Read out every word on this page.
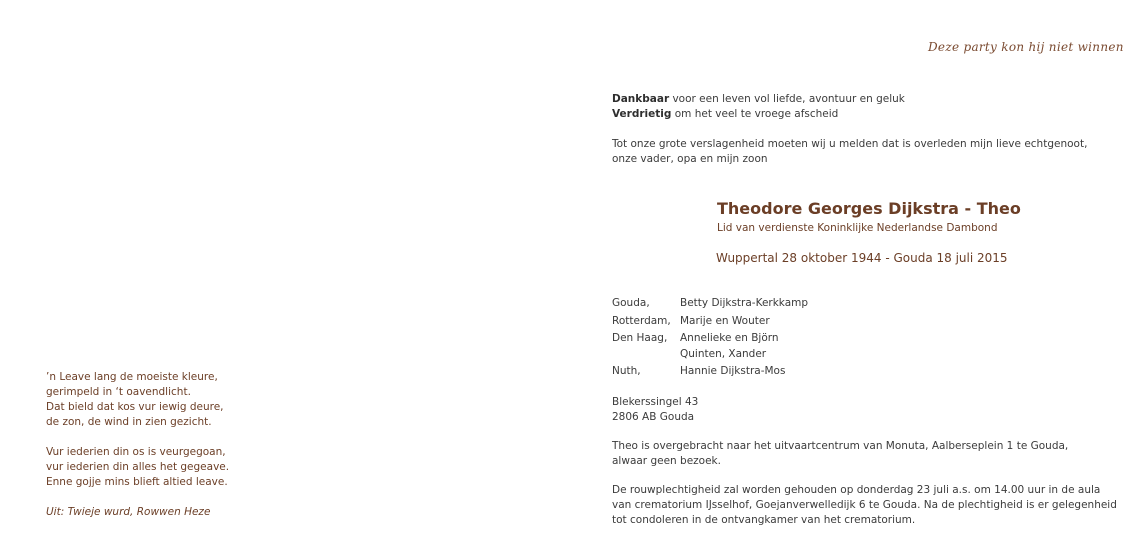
Deze party kon hij niet winnen

’n Leave lang de moeiste kleure,

gerimpeld in ‘t oavendlicht.

Dat bield dat kos vur iewig deure,

de zon, de wind in zien gezicht.

Vur iederien din os is veurgegoan,

vur iederien din alles het gegeave.

Enne gojje mins blieft altied leave.

Uit: Twieje wurd, Rowwen Heze

Dankbaar voor een leven vol liefde, avontuur en geluk

Verdrietig om het veel te vroege afscheid

Tot onze grote verslagenheid moeten wij u melden dat is overleden mijn lieve echtgenoot,

onze vader, opa en mijn zoon

Theodore Georges Dijkstra - Theo
Lid van verdienste Koninklijke Nederlandse Dambond
Wuppertal 28 oktober 1944 - Gouda 18 juli 2015
Gouda,	Betty Dijkstra-Kerkkamp

Rotterdam,	Marije en Wouter

Den Haag,	Annelieke en Björn
Quinten, Xander

Nuth,	Hannie Dijkstra-Mos

Blekerssingel 43

2806 AB Gouda

Theo is overgebracht naar het uitvaartcentrum van Monuta, Aalberseplein 1 te Gouda,

alwaar geen bezoek.

De rouwplechtigheid zal worden gehouden op donderdag 23 juli a.s. om 14.00 uur in de aula

van crematorium IJsselhof, Goejanverwelledijk 6 te Gouda. Na de plechtigheid is er gelegenheid

tot condoleren in de ontvangkamer van het crematorium.
